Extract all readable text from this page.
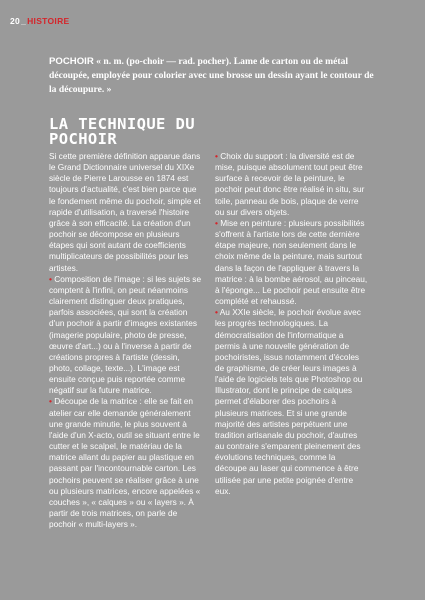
20 _ HISTOIRE

POCHOIR « n. m. (po-choir — rad. pocher). Lame de carton ou de métal découpée, employée pour colorier avec une brosse un dessin ayant le contour de la découpure. »

LA TECHNIQUE DU POCHOIR

Si cette première définition apparue dans le Grand Dictionnaire universel du XIXe siècle de Pierre Larousse en 1874 est toujours d'actualité, c'est bien parce que le fondement même du pochoir, simple et rapide d'utilisation, a traversé l'histoire grâce à son efficacité. La création d'un pochoir se décompose en plusieurs étapes qui sont autant de coefficients multiplicateurs de possibilités pour les artistes.

• Composition de l'image : si les sujets se comptent à l'infini, on peut néanmoins clairement distinguer deux pratiques, parfois associées, qui sont la création d'un pochoir à partir d'images existantes (imagerie populaire, photo de presse, œuvre d'art...) ou à l'inverse à partir de créations propres à l'artiste (dessin, photo, collage, texte...). L'image est ensuite conçue puis reportée comme négatif sur la future matrice.

• Découpe de la matrice : elle se fait en atelier car elle demande généralement une grande minutie, le plus souvent à l'aide d'un X-acto, outil se situant entre le cutter et le scalpel, le matériau de la matrice allant du papier au plastique en passant par l'incontournable carton. Les pochoirs peuvent se réaliser grâce à une ou plusieurs matrices, encore appelées « couches », « calques » ou « layers ». À partir de trois matrices, on parle de pochoir « multi-layers ».

• Choix du support : la diversité est de mise, puisque absolument tout peut être surface à recevoir de la peinture, le pochoir peut donc être réalisé in situ, sur toile, panneau de bois, plaque de verre ou sur divers objets.

• Mise en peinture : plusieurs possibilités s'offrent à l'artiste lors de cette dernière étape majeure, non seulement dans le choix même de la peinture, mais surtout dans la façon de l'appliquer à travers la matrice : à la bombe aérosol, au pinceau, à l'éponge... Le pochoir peut ensuite être complété et rehaussé.

• Au XXIe siècle, le pochoir évolue avec les progrès technologiques. La démocratisation de l'informatique a permis à une nouvelle génération de pochoiristes, issus notamment d'écoles de graphisme, de créer leurs images à l'aide de logiciels tels que Photoshop ou Illustrator, dont le principe de calques permet d'élaborer des pochoirs à plusieurs matrices. Et si une grande majorité des artistes perpétuent une tradition artisanale du pochoir, d'autres au contraire s'emparent pleinement des évolutions techniques, comme la découpe au laser qui commence à être utilisée par une petite poignée d'entre eux.
